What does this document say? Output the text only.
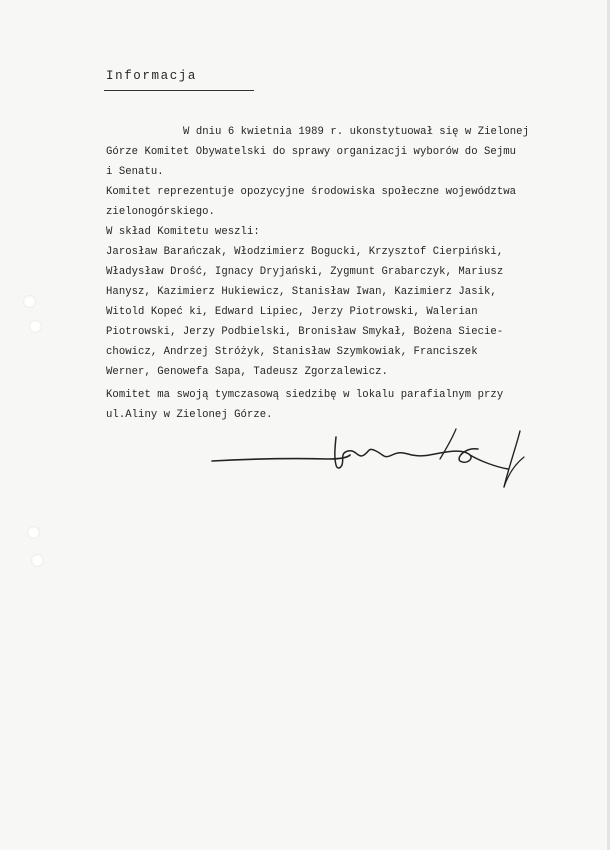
Informacja
W dniu 6 kwietnia 1989 r. ukonstytuował się w Zielonej
Górze Komitet Obywatelski do sprawy organizacji wyborów do Sejmu
i Senatu.
Komitet reprezentuje opozycyjne środowiska społeczne województwa
zielonogórskiego.
W skład Komitetu weszli:
Jarosław Barańczak, Włodzimierz Bogucki, Krzysztof Cierpiński,
Władysław Drość, Ignacy Dryjański, Zygmunt Grabarczyk, Mariusz
Hanysz, Kazimierz Hukiewicz, Stanisław Iwan, Kazimierz Jasik,
Witold Kopeć ki, Edward Lipiec, Jerzy Piotrowski, Walerian
Piotrowski, Jerzy Podbielski, Bronisław Smykał, Bożena Siecie-
chowicz, Andrzej Stróżyk, Stanisław Szymkowiak, Franciszek
Werner, Genowefa Sapa, Tadeusz Zgorzalewicz.
Komitet ma swoją tymczasową siedzibę w lokalu parafialnym przy
ul.Aliny w Zielonej Górze.
